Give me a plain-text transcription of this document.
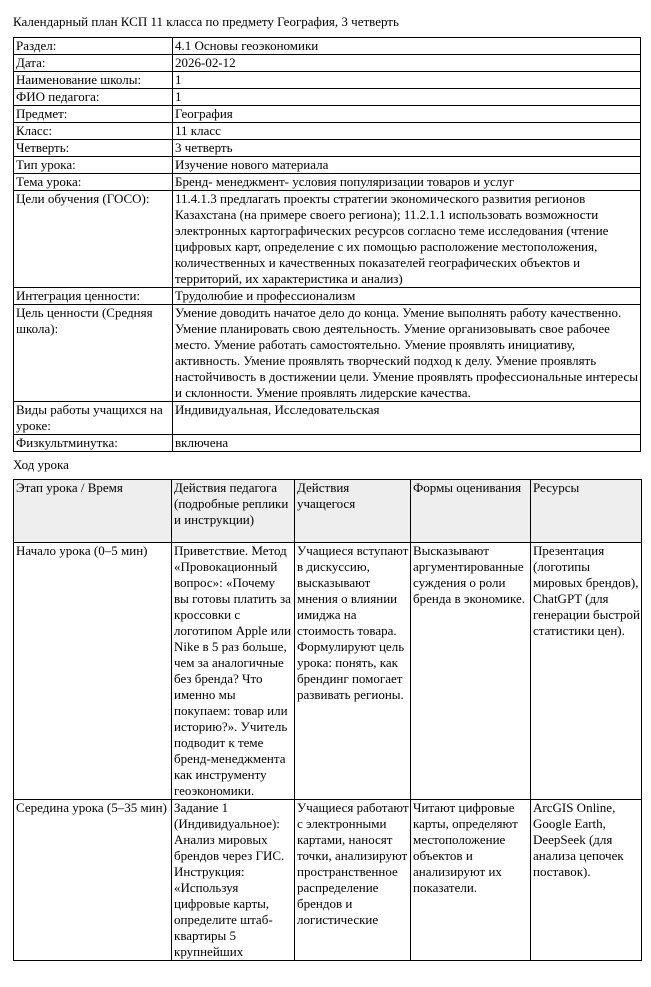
Календарный план КСП 11 класса по предмету География, 3 четверть
Раздел:	4.1 Основы геоэкономики
Дата:	2026-02-12
Наименование школы:	1
ФИО педагога:	1
Предмет:	География
Класс:	11 класс
Четверть:	3 четверть
Тип урока:	Изучение нового материала
Тема урока:	Бренд- менеджмент- условия популяризации товаров и услуг
Цели обучения (ГОСО):	11.4.1.3 предлагать проекты стратегии экономического развития регионов Казахстана (на примере своего региона); 11.2.1.1 использовать возможности электронных картографических ресурсов согласно теме исследования (чтение цифровых карт, определение с их помощью расположение местоположения, количественных и качественных показателей географических объектов и территорий, их характеристика и анализ)
Интеграция ценности:	Трудолюбие и профессионализм
Цель ценности (Средняя школа):	Умение доводить начатое дело до конца. Умение выполнять работу качественно. Умение планировать свою деятельность. Умение организовывать свое рабочее место. Умение работать самостоятельно. Умение проявлять инициативу, активность. Умение проявлять творческий подход к делу. Умение проявлять настойчивость в достижении цели. Умение проявлять профессиональные интересы и склонности. Умение проявлять лидерские качества.
Виды работы учащихся на уроке:	Индивидуальная, Исследовательская
Физкультминутка:	включена
Ход урока
Этап урока / Время	Действия педагога (подробные реплики и инструкции)	Действия учащегося	Формы оценивания	Ресурсы
Начало урока (0–5 мин)	Приветствие. Метод «Провокационный вопрос»: «Почему вы готовы платить за кроссовки с логотипом Apple или Nike в 5 раз больше, чем за аналогичные без бренда? Что именно мы покупаем: товар или историю?». Учитель подводит к теме бренд-менеджмента как инструменту геоэкономики.	Учащиеся вступают в дискуссию, высказывают мнения о влиянии имиджа на стоимость товара. Формулируют цель урока: понять, как брендинг помогает развивать регионы.	Высказывают аргументированные суждения о роли бренда в экономике.	Презентация (логотипы мировых брендов), ChatGPT (для генерации быстрой статистики цен).
Середина урока (5–35 мин)	Задание 1 (Индивидуальное): Анализ мировых брендов через ГИС. Инструкция: «Используя цифровые карты, определите штаб-квартиры 5 крупнейших	Учащиеся работают с электронными картами, наносят точки, анализируют пространственное распределение брендов и логистические	Читают цифровые карты, определяют местоположение объектов и анализируют их показатели.	ArcGIS Online, Google Earth, DeepSeek (для анализа цепочек поставок).
